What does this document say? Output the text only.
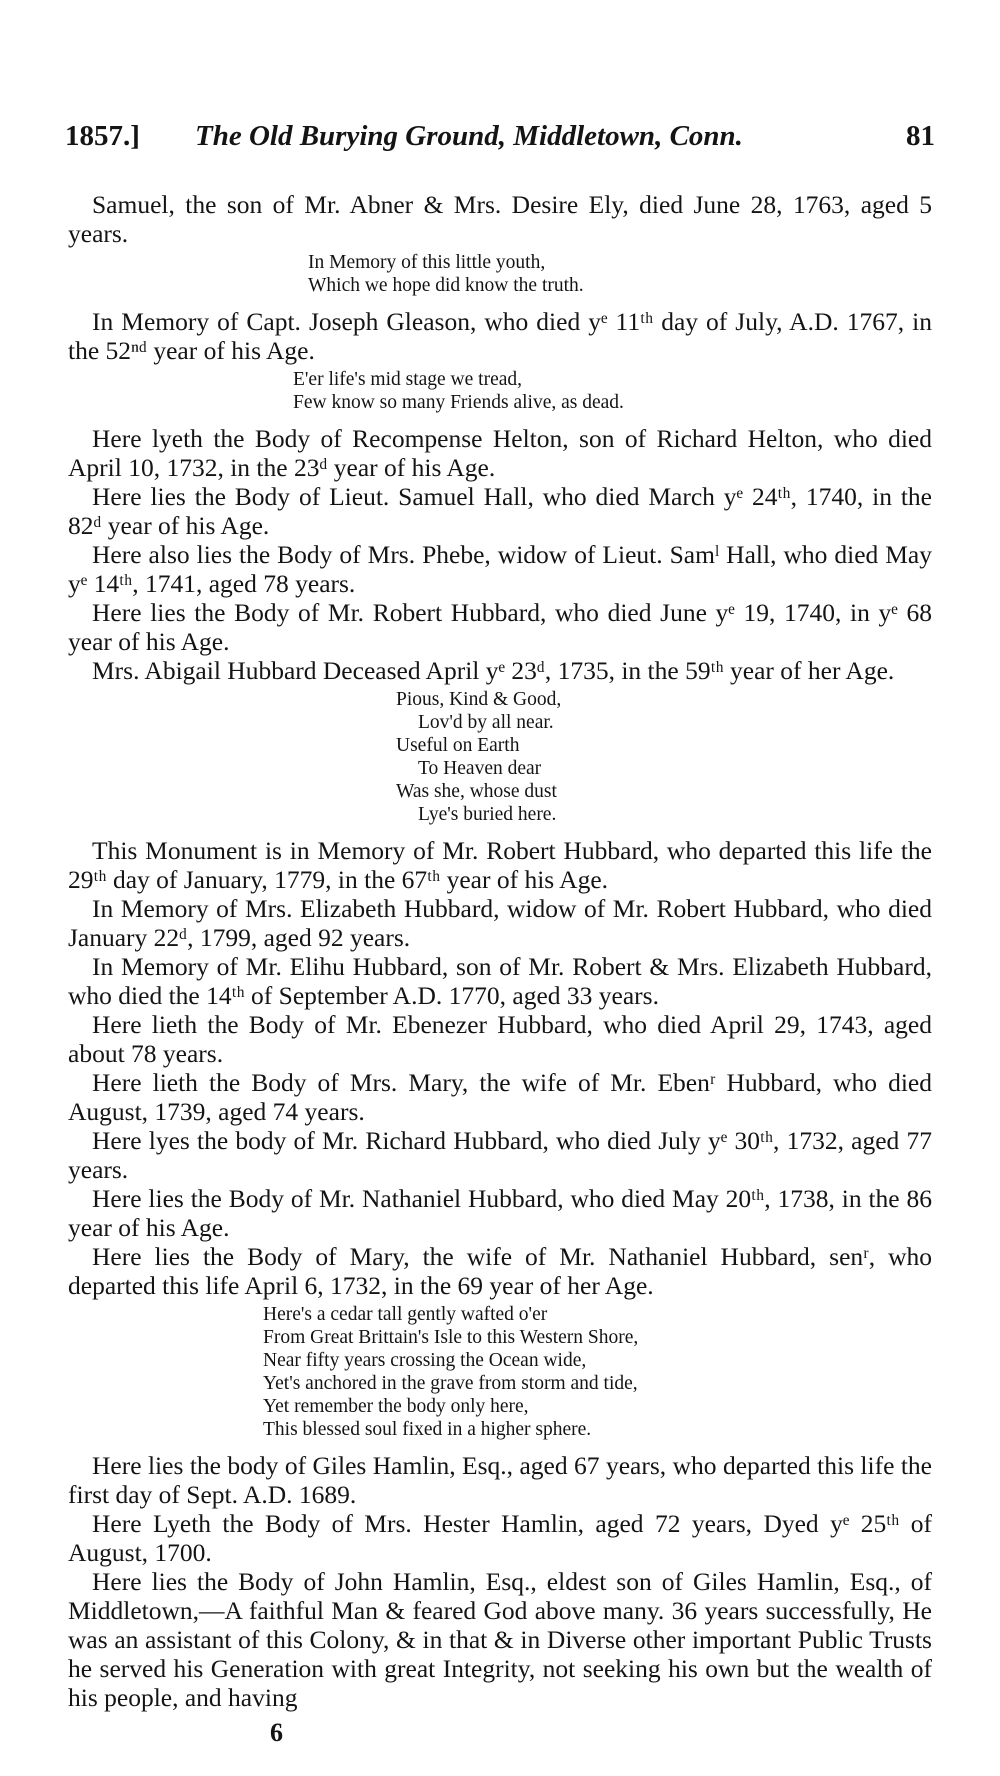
1857.] The Old Burying Ground, Middletown, Conn.	81

Samuel, the son of Mr. Abner & Mrs. Desire Ely, died June 28, 1763, aged 5 years.

In Memory of this little youth,
Which we hope did know the truth.

In Memory of Capt. Joseph Gleason, who died yᵉ 11ᵗʰ day of July, A.D. 1767, in the 52ⁿᵈ year of his Age.

E'er life's mid stage we tread,
Few know so many Friends alive, as dead.

Here lyeth the Body of Recompense Helton, son of Richard Helton, who died April 10, 1732, in the 23ᵈ year of his Age.

Here lies the Body of Lieut. Samuel Hall, who died March yᵉ 24ᵗʰ, 1740, in the 82ᵈ year of his Age.

Here also lies the Body of Mrs. Phebe, widow of Lieut. Samˡ Hall, who died May yᵉ 14ᵗʰ, 1741, aged 78 years.

Here lies the Body of Mr. Robert Hubbard, who died June yᵉ 19, 1740, in yᵉ 68 year of his Age.

Mrs. Abigail Hubbard Deceased April yᵉ 23ᵈ, 1735, in the 59ᵗʰ year of her Age.

Pious, Kind & Good,
Lov'd by all near.
Useful on Earth
To Heaven dear
Was she, whose dust
Lye's buried here.

This Monument is in Memory of Mr. Robert Hubbard, who departed this life the 29ᵗʰ day of January, 1779, in the 67ᵗʰ year of his Age.

In Memory of Mrs. Elizabeth Hubbard, widow of Mr. Robert Hubbard, who died January 22ᵈ, 1799, aged 92 years.

In Memory of Mr. Elihu Hubbard, son of Mr. Robert & Mrs. Elizabeth Hubbard, who died the 14ᵗʰ of September A.D. 1770, aged 33 years.

Here lieth the Body of Mr. Ebenezer Hubbard, who died April 29, 1743, aged about 78 years.

Here lieth the Body of Mrs. Mary, the wife of Mr. Ebenʳ Hubbard, who died August, 1739, aged 74 years.

Here lyes the body of Mr. Richard Hubbard, who died July yᵉ 30ᵗʰ, 1732, aged 77 years.

Here lies the Body of Mr. Nathaniel Hubbard, who died May 20ᵗʰ, 1738, in the 86 year of his Age.

Here lies the Body of Mary, the wife of Mr. Nathaniel Hubbard, senʳ, who departed this life April 6, 1732, in the 69 year of her Age.

Here's a cedar tall gently wafted o'er
From Great Brittain's Isle to this Western Shore,
Near fifty years crossing the Ocean wide,
Yet's anchored in the grave from storm and tide,
Yet remember the body only here,
This blessed soul fixed in a higher sphere.

Here lies the body of Giles Hamlin, Esq., aged 67 years, who departed this life the first day of Sept. A.D. 1689.

Here Lyeth the Body of Mrs. Hester Hamlin, aged 72 years, Dyed yᵉ 25ᵗʰ of August, 1700.

Here lies the Body of John Hamlin, Esq., eldest son of Giles Hamlin, Esq., of Middletown,—A faithful Man & feared God above many. 36 years successfully, He was an assistant of this Colony, & in that & in Diverse other important Public Trusts he served his Generation with great Integrity, not seeking his own but the wealth of his people, and having

6
